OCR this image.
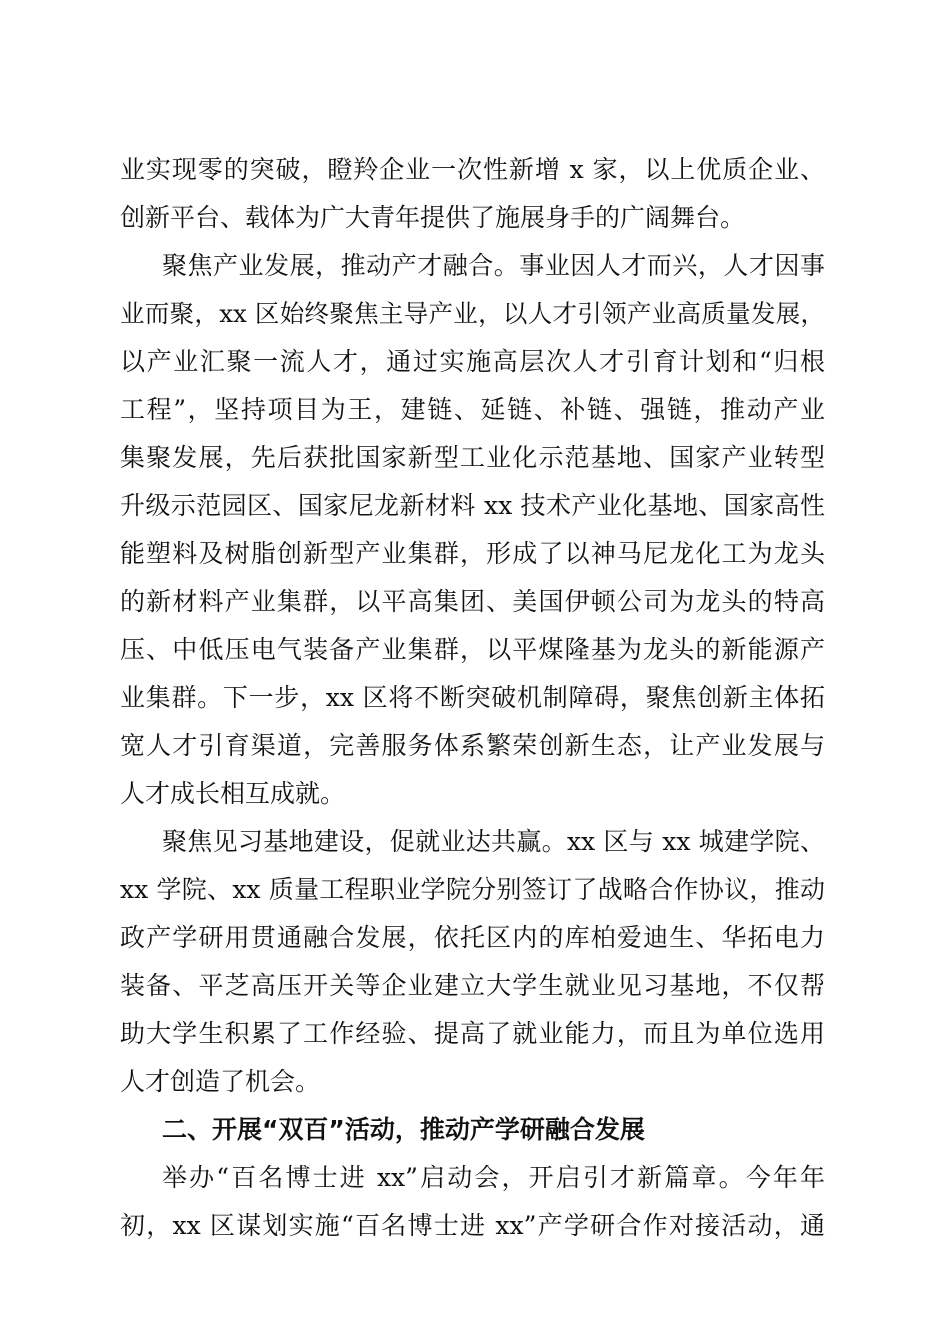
业实现零的突破，瞪羚企业一次性新增 x 家，以上优质企业、
创新平台、载体为广大青年提供了施展身手的广阔舞台。
聚焦产业发展，推动产才融合。事业因人才而兴，人才因事
业而聚，xx 区始终聚焦主导产业，以人才引领产业高质量发展，
以产业汇聚一流人才，通过实施高层次人才引育计划和“归根
工程”，坚持项目为王，建链、延链、补链、强链，推动产业
集聚发展，先后获批国家新型工业化示范基地、国家产业转型
升级示范园区、国家尼龙新材料 xx 技术产业化基地、国家高性
能塑料及树脂创新型产业集群，形成了以神马尼龙化工为龙头
的新材料产业集群，以平高集团、美国伊顿公司为龙头的特高
压、中低压电气装备产业集群，以平煤隆基为龙头的新能源产
业集群。下一步，xx 区将不断突破机制障碍，聚焦创新主体拓
宽人才引育渠道，完善服务体系繁荣创新生态，让产业发展与
人才成长相互成就。
聚焦见习基地建设，促就业达共赢。xx 区与 xx 城建学院、
xx 学院、xx 质量工程职业学院分别签订了战略合作协议，推动
政产学研用贯通融合发展，依托区内的库柏爱迪生、华拓电力
装备、平芝高压开关等企业建立大学生就业见习基地，不仅帮
助大学生积累了工作经验、提高了就业能力，而且为单位选用
人才创造了机会。
二、开展“双百”活动，推动产学研融合发展
举办“百名博士进 xx”启动会，开启引才新篇章。今年年
初，xx 区谋划实施“百名博士进 xx”产学研合作对接活动，通
